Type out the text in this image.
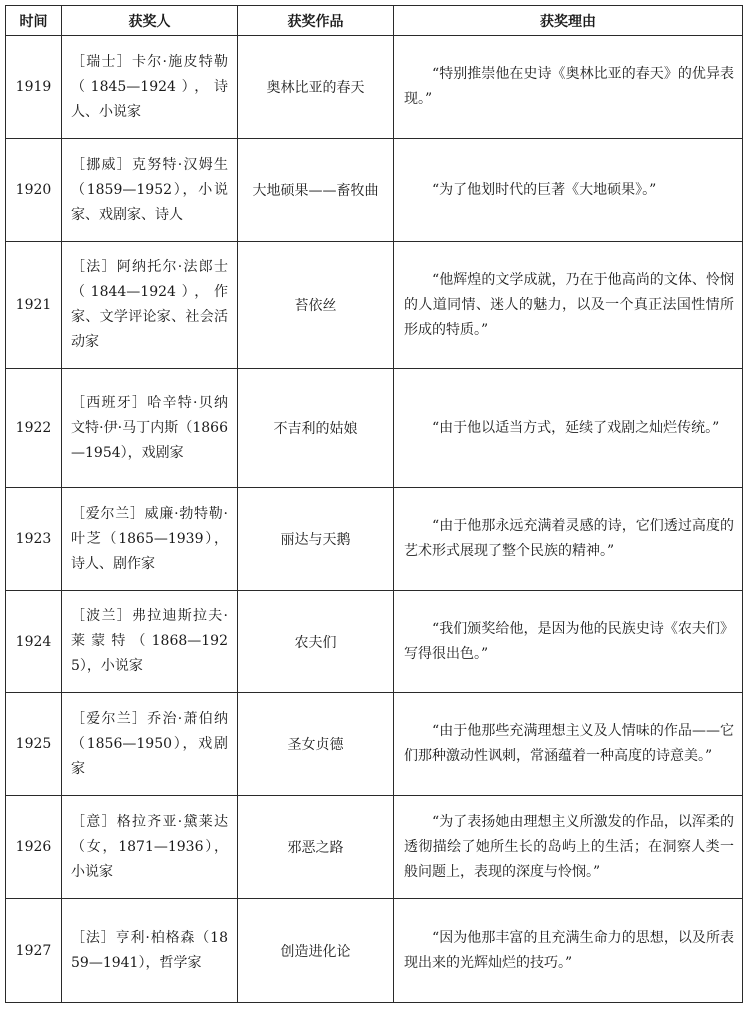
时间	获奖人	获奖作品	获奖理由
1919	［瑞士］卡尔·施皮特勒（1845—1924），诗人、小说家	奥林比亚的春天	“特别推崇他在史诗《奥林比亚的春天》的优异表现。”
1920	［挪威］克努特·汉姆生（1859—1952），小说家、戏剧家、诗人	大地硕果——畜牧曲	“为了他划时代的巨著《大地硕果》。”
1921	［法］阿纳托尔·法郎士（1844—1924），作家、文学评论家、社会活动家	苔依丝	“他辉煌的文学成就，乃在于他高尚的文体、怜悯的人道同情、迷人的魅力，以及一个真正法国性情所形成的特质。”
1922	［西班牙］哈辛特·贝纳文特·伊·马丁内斯（1866—1954），戏剧家	不吉利的姑娘	“由于他以适当方式，延续了戏剧之灿烂传统。”
1923	［爱尔兰］威廉·勃特勒·叶芝（1865—1939），诗人、剧作家	丽达与天鹅	“由于他那永远充满着灵感的诗，它们透过高度的艺术形式展现了整个民族的精神。”
1924	［波兰］弗拉迪斯拉夫·莱蒙特（1868—1925），小说家	农夫们	“我们颁奖给他，是因为他的民族史诗《农夫们》写得很出色。”
1925	［爱尔兰］乔治·萧伯纳（1856—1950），戏剧家	圣女贞德	“由于他那些充满理想主义及人情味的作品——它们那种激动性讽刺，常涵蕴着一种高度的诗意美。”
1926	［意］格拉齐亚·黛莱达（女，1871—1936），小说家	邪恶之路	“为了表扬她由理想主义所激发的作品，以浑柔的透彻描绘了她所生长的岛屿上的生活；在洞察人类一般问题上，表现的深度与怜悯。”
1927	［法］亨利·柏格森（1859—1941），哲学家	创造进化论	“因为他那丰富的且充满生命力的思想，以及所表现出来的光辉灿烂的技巧。”
